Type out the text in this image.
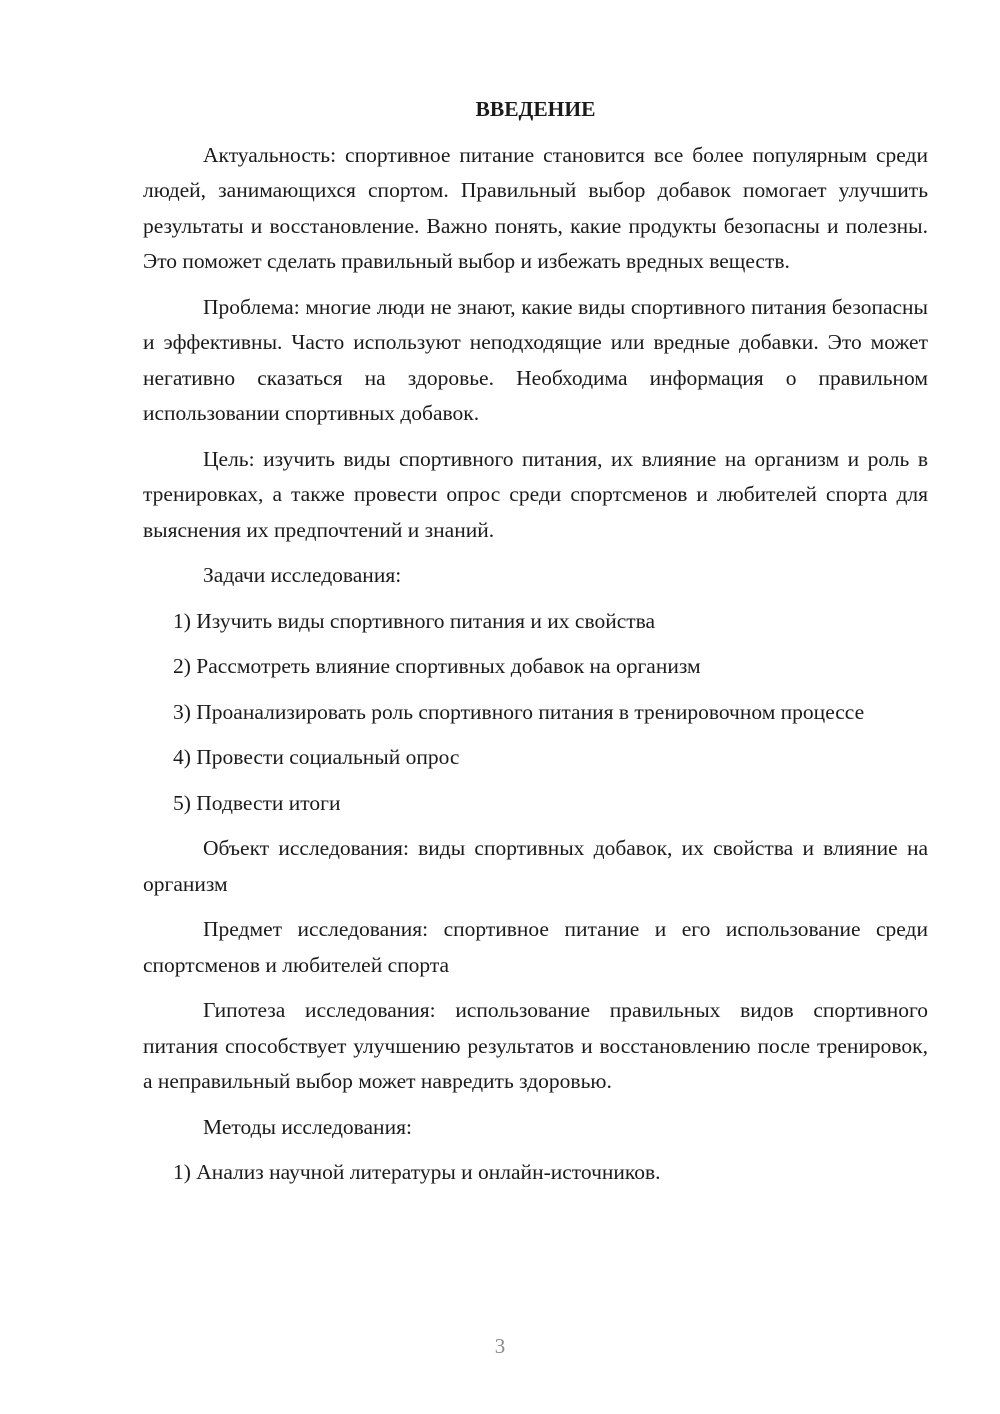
ВВЕДЕНИЕ

Актуальность: спортивное питание становится все более популярным среди людей, занимающихся спортом. Правильный выбор добавок помогает улучшить результаты и восстановление. Важно понять, какие продукты безопасны и полезны. Это поможет сделать правильный выбор и избежать вредных веществ.

Проблема: многие люди не знают, какие виды спортивного питания безопасны и эффективны. Часто используют неподходящие или вредные добавки. Это может негативно сказаться на здоровье. Необходима информация о правильном использовании спортивных добавок.

Цель: изучить виды спортивного питания, их влияние на организм и роль в тренировках, а также провести опрос среди спортсменов и любителей спорта для выяснения их предпочтений и знаний.

Задачи исследования:

1) Изучить виды спортивного питания и их свойства

2) Рассмотреть влияние спортивных добавок на организм

3) Проанализировать роль спортивного питания в тренировочном процессе

4) Провести социальный опрос

5) Подвести итоги

Объект исследования: виды спортивных добавок, их свойства и влияние на организм

Предмет исследования: спортивное питание и его использование среди спортсменов и любителей спорта

Гипотеза исследования: использование правильных видов спортивного питания способствует улучшению результатов и восстановлению после тренировок, а неправильный выбор может навредить здоровью.

Методы исследования:

1) Анализ научной литературы и онлайн-источников.

3
